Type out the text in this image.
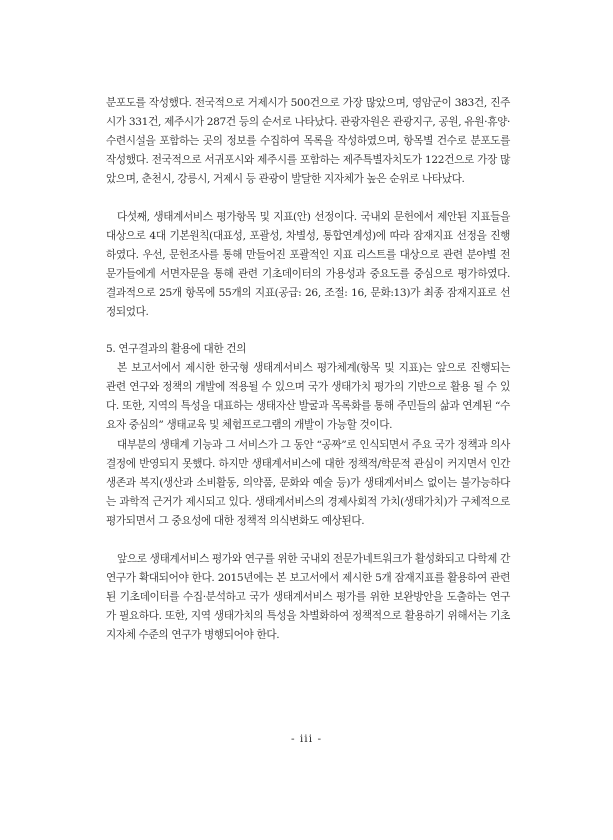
분포도를 작성했다. 전국적으로 거제시가 500건으로 가장 많았으며, 영암군이 383건, 진주시가 331건, 제주시가 287건 등의 순서로 나타났다. 관광자원은 관광지구, 공원, 유원·휴양·수련시설을 포함하는 곳의 정보를 수집하여 목록을 작성하였으며, 항목별 건수로 분포도를 작성했다. 전국적으로 서귀포시와 제주시를 포함하는 제주특별자치도가 122건으로 가장 많았으며, 춘천시, 강릉시, 거제시 등 관광이 발달한 지자체가 높은 순위로 나타났다.

다섯째, 생태계서비스 평가항목 및 지표(안) 선정이다. 국내외 문헌에서 제안된 지표들을 대상으로 4대 기본원칙(대표성, 포괄성, 차별성, 통합연계성)에 따라 잠재지표 선정을 진행하였다. 우선, 문헌조사를 통해 만들어진 포괄적인 지표 리스트를 대상으로 관련 분야별 전문가들에게 서면자문을 통해 관련 기초데이터의 가용성과 중요도를 중심으로 평가하였다. 결과적으로 25개 항목에 55개의 지표(공급: 26, 조절: 16, 문화:13)가 최종 잠재지표로 선정되었다.

5. 연구결과의 활용에 대한 건의

본 보고서에서 제시한 한국형 생태계서비스 평가체계(항목 및 지표)는 앞으로 진행되는 관련 연구와 정책의 개발에 적용될 수 있으며 국가 생태가치 평가의 기반으로 활용 될 수 있다. 또한, 지역의 특성을 대표하는 생태자산 발굴과 목록화를 통해 주민들의 삶과 연계된 “수요자 중심의” 생태교육 및 체험프로그램의 개발이 가능할 것이다.

대부분의 생태계 기능과 그 서비스가 그 동안 “공짜”로 인식되면서 주요 국가 정책과 의사결정에 반영되지 못했다. 하지만 생태계서비스에 대한 정책적/학문적 관심이 커지면서 인간 생존과 복지(생산과 소비활동, 의약품, 문화와 예술 등)가 생태계서비스 없이는 불가능하다는 과학적 근거가 제시되고 있다. 생태계서비스의 경제사회적 가치(생태가치)가 구체적으로 평가되면서 그 중요성에 대한 정책적 의식변화도 예상된다.

앞으로 생태계서비스 평가와 연구를 위한 국내외 전문가네트워크가 활성화되고 다학제 간 연구가 확대되어야 한다. 2015년에는 본 보고서에서 제시한 5개 잠재지표를 활용하여 관련된 기초데이터를 수집·분석하고 국가 생태계서비스 평가를 위한 보완방안을 도출하는 연구가 필요하다. 또한, 지역 생태가치의 특성을 차별화하여 정책적으로 활용하기 위해서는 기초지자체 수준의 연구가 병행되어야 한다.

- iii -
